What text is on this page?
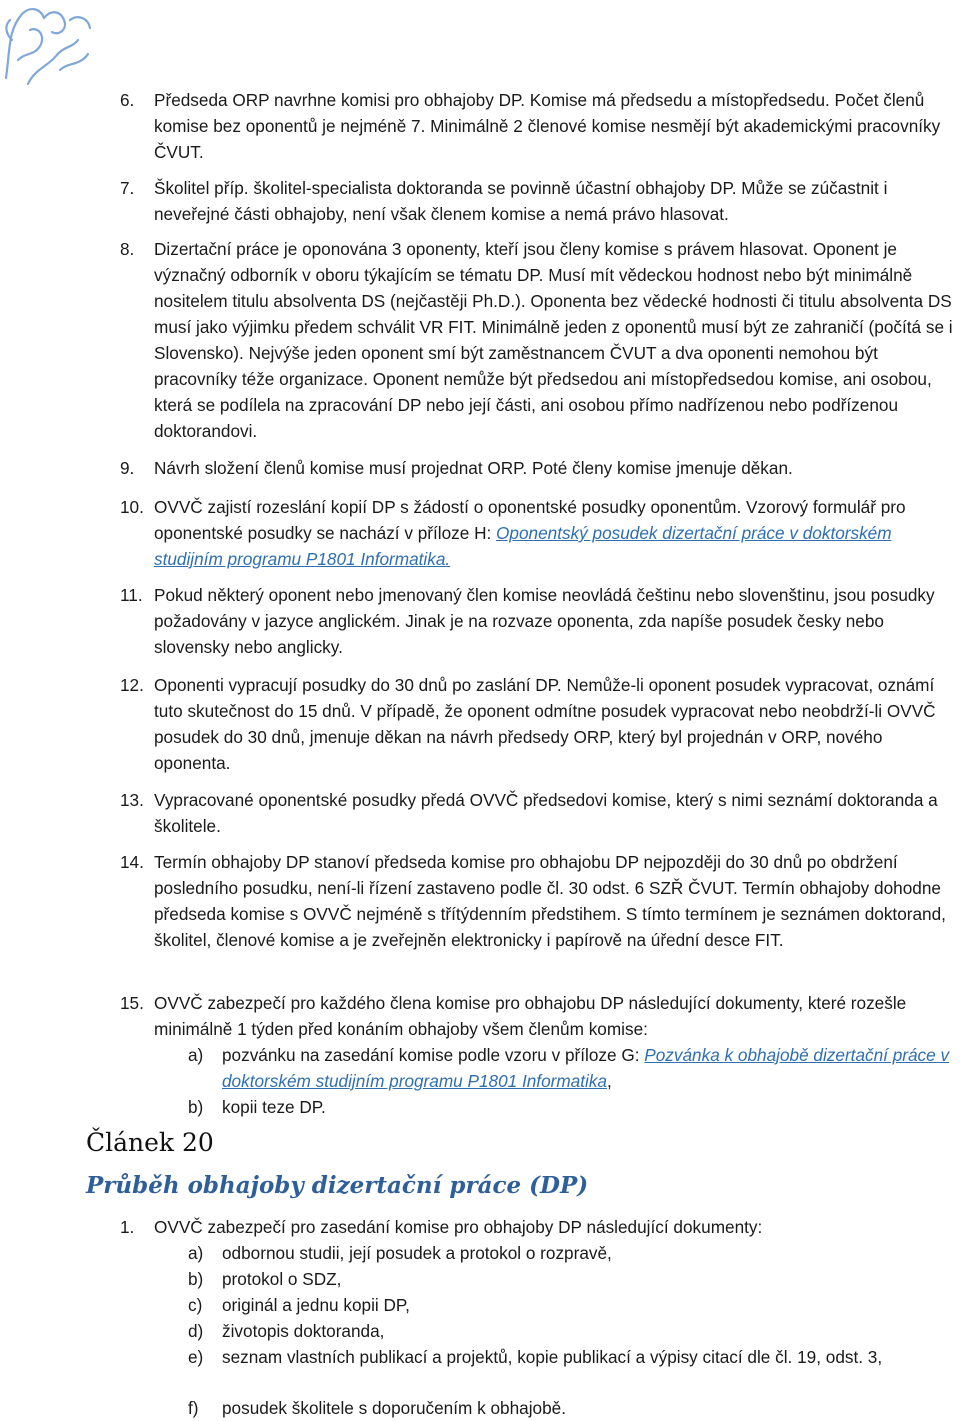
6. Předseda ORP navrhne komisi pro obhajoby DP. Komise má předsedu a místopředsedu. Počet členů komise bez oponentů je nejméně 7. Minimálně 2 členové komise nesmějí být akademickými pracovníky ČVUT.
7. Školitel příp. školitel-specialista doktoranda se povinně účastní obhajoby DP. Může se zúčastnit i neveřejné části obhajoby, není však členem komise a nemá právo hlasovat.
8. Dizertační práce je oponována 3 oponenty, kteří jsou členy komise s právem hlasovat. Oponent je význačný odborník v oboru týkajícím se tématu DP. Musí mít vědeckou hodnost nebo být minimálně nositelem titulu absolventa DS (nejčastěji Ph.D.). Oponenta bez vědecké hodnosti či titulu absolventa DS musí jako výjimku předem schválit VR FIT. Minimálně jeden z oponentů musí být ze zahraničí (počítá se i Slovensko). Nejvýše jeden oponent smí být zaměstnancem ČVUT a dva oponenti nemohou být pracovníky téže organizace. Oponent nemůže být předsedou ani místopředsedou komise, ani osobou, která se podílela na zpracování DP nebo její části, ani osobou přímo nadřízenou nebo podřízenou doktorandovi.
9. Návrh složení členů komise musí projednat ORP. Poté členy komise jmenuje děkan.
10. OVVČ zajistí rozeslání kopií DP s žádostí o oponentské posudky oponentům. Vzorový formulář pro oponentské posudky se nachází v příloze H: Oponentský posudek dizertační práce v doktorském studijním programu P1801 Informatika.
11. Pokud některý oponent nebo jmenovaný člen komise neovládá češtinu nebo slovenštinu, jsou posudky požadovány v jazyce anglickém. Jinak je na rozvaze oponenta, zda napíše posudek česky nebo slovensky nebo anglicky.
12. Oponenti vypracují posudky do 30 dnů po zaslání DP. Nemůže-li oponent posudek vypracovat, oznámí tuto skutečnost do 15 dnů. V případě, že oponent odmítne posudek vypracovat nebo neobdrží-li OVVČ posudek do 30 dnů, jmenuje děkan na návrh předsedy ORP, který byl projednán v ORP, nového oponenta.
13. Vypracované oponentské posudky předá OVVČ předsedovi komise, který s nimi seznámí doktoranda a školitele.
14. Termín obhajoby DP stanoví předseda komise pro obhajobu DP nejpozději do 30 dnů po obdržení posledního posudku, není-li řízení zastaveno podle čl. 30 odst. 6 SZŘ ČVUT. Termín obhajoby dohodne předseda komise s OVVČ nejméně s třítýdenním předstihem. S tímto termínem je seznámen doktorand, školitel, členové komise a je zveřejněn elektronicky i papírově na úřední desce FIT.
15. OVVČ zabezpečí pro každého člena komise pro obhajobu DP následující dokumenty, které rozešle minimálně 1 týden před konáním obhajoby všem členům komise:
a) pozvánku na zasedání komise podle vzoru v příloze G: Pozvánka k obhajobě dizertační práce v doktorském studijním programu P1801 Informatika,
b) kopii teze DP.
Článek 20
Průběh obhajoby dizertační práce (DP)
1. OVVČ zabezpečí pro zasedání komise pro obhajoby DP následující dokumenty:
a) odbornou studii, její posudek a protokol o rozpravě,
b) protokol o SDZ,
c) originál a jednu kopii DP,
d) životopis doktoranda,
e) seznam vlastních publikací a projektů, kopie publikací a výpisy citací dle čl. 19, odst. 3,
f) posudek školitele s doporučením k obhajobě.
